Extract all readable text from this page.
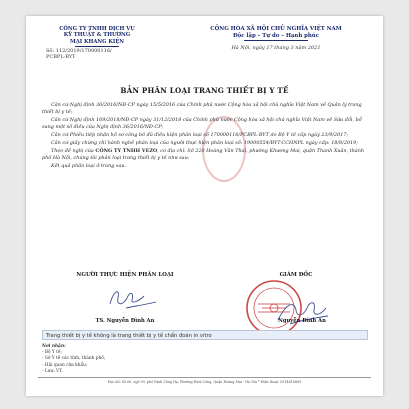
CÔNG TY TNHH DỊCH VỤ
KỸ THUẬT & THƯƠNG
MẠI KHANG KIỆN
Số: 112/2019/170000116/
PCBPL-BYT
CỘNG HÒA XÃ HỘI CHỦ NGHĨA VIỆT NAM
Độc lập – Tự do – Hạnh phúc
Hà Nội, ngày 17 tháng 3 năm 2021
BẢN PHÂN LOẠI TRANG THIẾT BỊ Y TẾ

Căn cứ Nghị định 36/2016/NĐ-CP ngày 15/5/2016 của Chính phủ nước Cộng hòa xã hội chủ nghĩa Việt Nam về Quản lý trang thiết bị y tế;

Căn cứ Nghị định 169/2018/NĐ-CP ngày 31/12/2018 của Chính phủ nước Cộng hòa xã hội chủ nghĩa Việt Nam về Sửa đổi, bổ sung một số điều của Nghị định 36/2016/NĐ-CP;

Căn cứ Phiếu tiếp nhận hồ sơ công bố đủ điều kiện phân loại số 170000116/PCBPL-BYT do Bộ Y tế cấp ngày 23/9/2017;

Căn cứ giấy chứng chỉ hành nghề phân loại của người thực hiện phân loại số: 19000554/BYT-CCHNPL ngày cấp: 18/8/2019;

Theo đề nghị của CÔNG TY TNHH VEZO, có địa chỉ: Số 220 Hoàng Văn Thái, phường Khương Mai, quận Thanh Xuân, thành phố Hà Nội, chúng tôi phân loại trang thiết bị y tế như sau:

Kết quả phân loại ở trang sau.

NGƯỜI THỰC HIỆN PHÂN LOẠI	GIÁM ĐỐC
TS. Nguyễn Đình An	Nguyễn Đình An
Trang thiết bị y tế không là trang thiết bị y tế chẩn đoán in vitro
Nơi nhận:
- Bộ Y tế;
- Sở Y tế các tỉnh, thành phố;
- Hải quan cửa khẩu;
- Lưu: VT.
Địa chỉ: Số 66, ngõ 99, phố Định Công Hạ, Phường Định Công, Quận Hoàng Mai - Hà Nội * Điện thoại: 0914618889
